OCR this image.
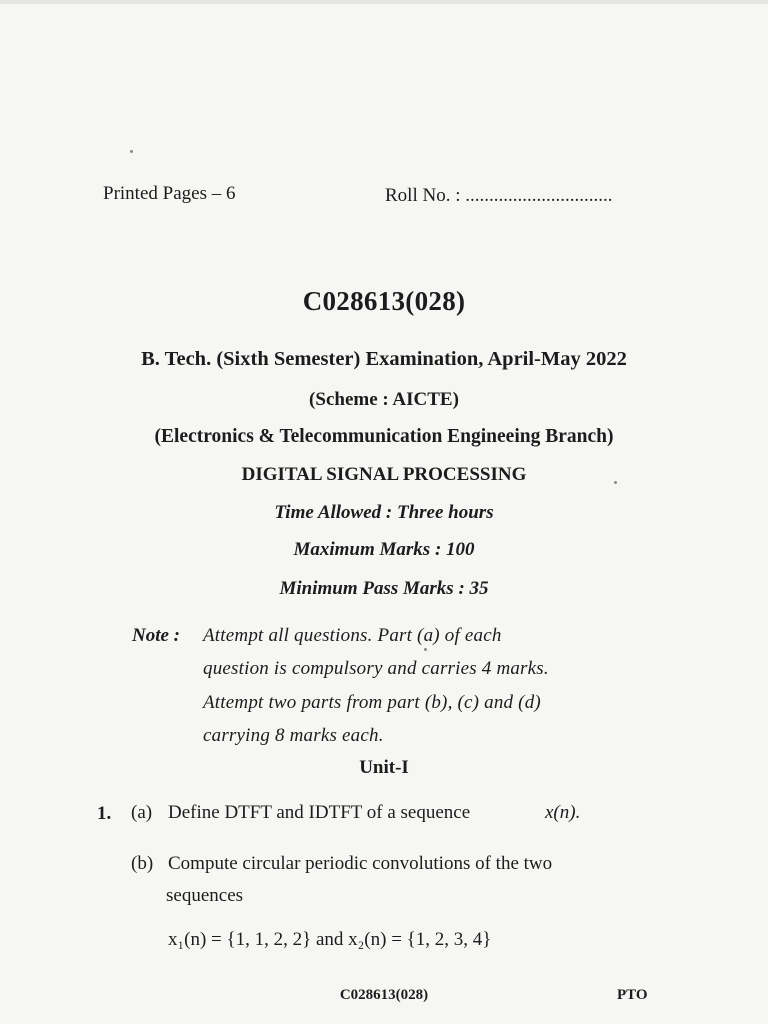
Printed Pages – 6	Roll No. : ...............................
C028613(028)
B. Tech. (Sixth Semester) Examination, April-May 2022
(Scheme : AICTE)
(Electronics & Telecommunication Engineeing Branch)
DIGITAL SIGNAL PROCESSING
Time Allowed : Three hours
Maximum Marks : 100
Minimum Pass Marks : 35
Note : Attempt all questions. Part (a) of each
question is compulsory and carries 4 marks.
Attempt two parts from part (b), (c) and (d)
carrying 8 marks each.
Unit-I
1. (a) Define DTFT and IDTFT of a sequence	x(n).
(b) Compute circular periodic convolutions of the two
sequences
x₁(n) = {1, 1, 2, 2} and x₂(n) = {1, 2, 3, 4}
C028613(028)	PTO
